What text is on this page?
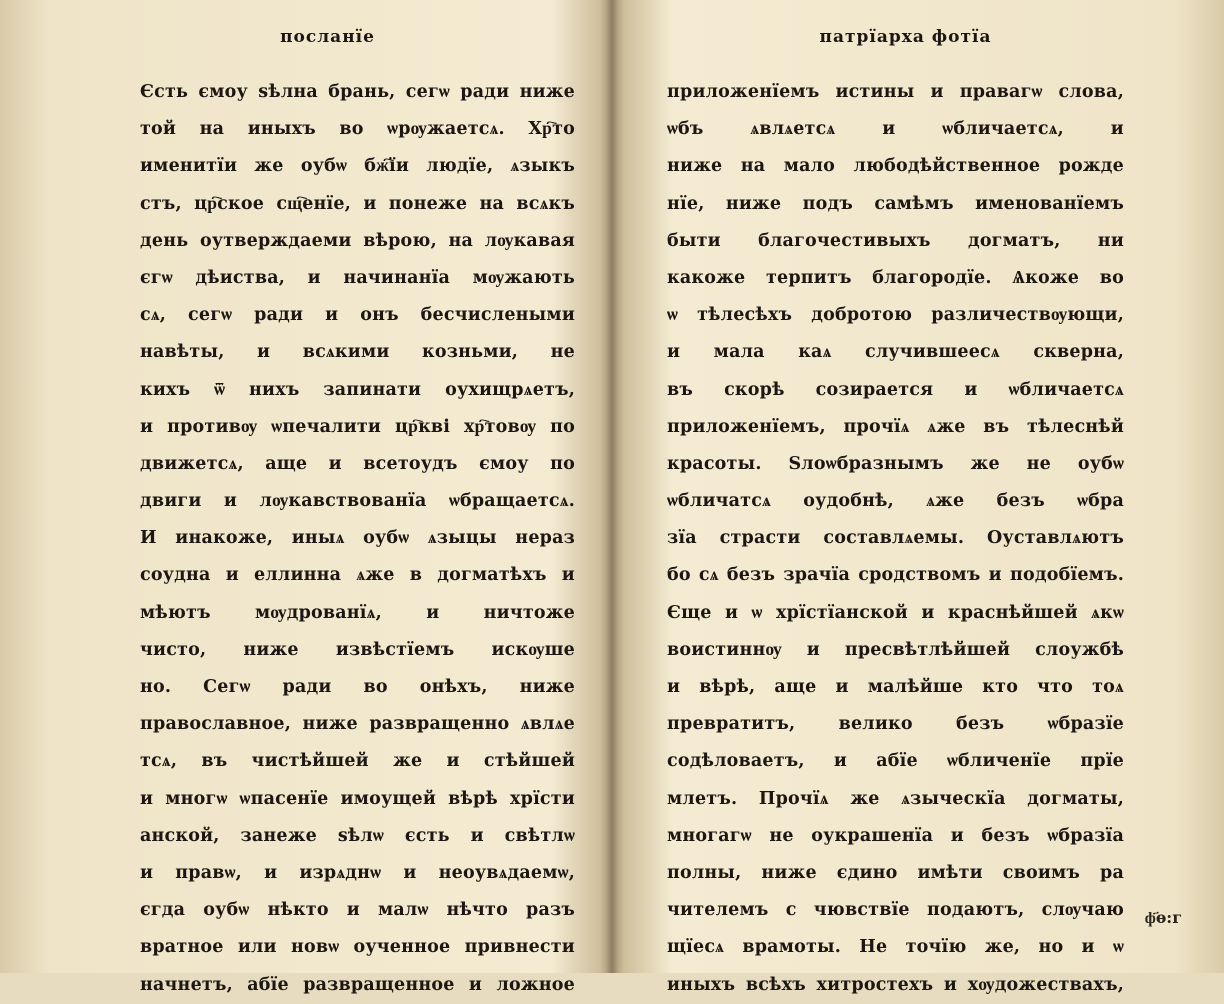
посланїе
Єсть ємоу ѕѣлна брань, сегѡ ради ниже
той на иныхъ во ѡрѹжаетсѧ. Хр҇то
именитїи же оубѡ бж҇їи людїе, ѧзыкъ
стъ, цр҇ское сщ҇енїе, и понеже на всѧкъ
день оутверждаеми вѣрою, на лѹкавая
єгѡ дѣиства, и начинанїа мѹжають
сѧ, сегѡ ради и онъ бесчислеными
навѣты, и всѧкими козньми, не
кихъ ѿ нихъ запинати оухищрѧетъ,
и противѹ ѡпечалити цр҇кві хр҇товѹ по
движетсѧ, аще и всетоудъ ємоу по
двиги и лѹкавствованїа ѡбращаетсѧ.
И инакоже, иныѧ оубѡ ѧзыцы нераз
соудна и еллинна ѧже в догматѣхъ и
мѣютъ мѹдрованїѧ, и ничтоже
чисто, ниже извѣстїемъ искѹше
но. Сегѡ ради во онѣхъ, ниже
православное, ниже развращенно ѧвлѧе
тсѧ, въ чистѣйшей же и стѣйшей
и многѡ ѡпасенїе имоущей вѣрѣ хрїсти
анской, занеже ѕѣлѡ єсть и свѣтлѡ
и правѡ, и изрѧднѡ и неоувѧдаемѡ,
єгда оубѡ нѣкто и малѡ нѣчто разъ
вратное или новѡ оученное привнести
начнетъ, абїе развращенное и ложное
патрїарха фотїа
приложенїемъ истины и правагѡ слова,
ѡбъ ѧвлѧетсѧ и ѡбличаетсѧ, и
ниже на мало любодѣйственное рожде
нїе, ниже подъ самѣмъ именованїемъ
быти благочестивыхъ догматъ, ни
какоже терпитъ благородїе. Ѧкоже во
ѡ тѣлесѣхъ добротою различествѹющи,
и мала каѧ случившеесѧ скверна,
въ скорѣ созирается и ѡбличаетсѧ
приложенїемъ, прочїѧ ѧже въ тѣлеснѣй
красоты. Ѕлоѡбразнымъ же не оубѡ
ѡбличатсѧ оудобнѣ, ѧже безъ ѡбра
зїа страсти составлѧемы. Оуставлѧютъ
бо сѧ безъ зрачїа сродствомъ и подобїемъ.
Єще и ѡ хрїстїанской и краснѣйшей ѧкѡ
воистиннѹ и пресвѣтлѣйшей слоужбѣ
и вѣрѣ, аще и малѣйше кто что тоѧ
превратитъ, велико безъ ѡбразїе
содѣловаетъ, и абїе ѡбличенїе прїе
млетъ. Прочїѧ же ѧзыческїа догматы,
многагѡ не оукрашенїа и безъ ѡбразїа
полны, ниже єдино имѣти своимъ ра
чителемъ с чювствїе подаютъ, слѹчаю
щїесѧ врамоты. Не точїю же, но и ѡ
иныхъ всѣхъ хитростехъ и хѹдожествахъ,
ф҃ѳ:г
